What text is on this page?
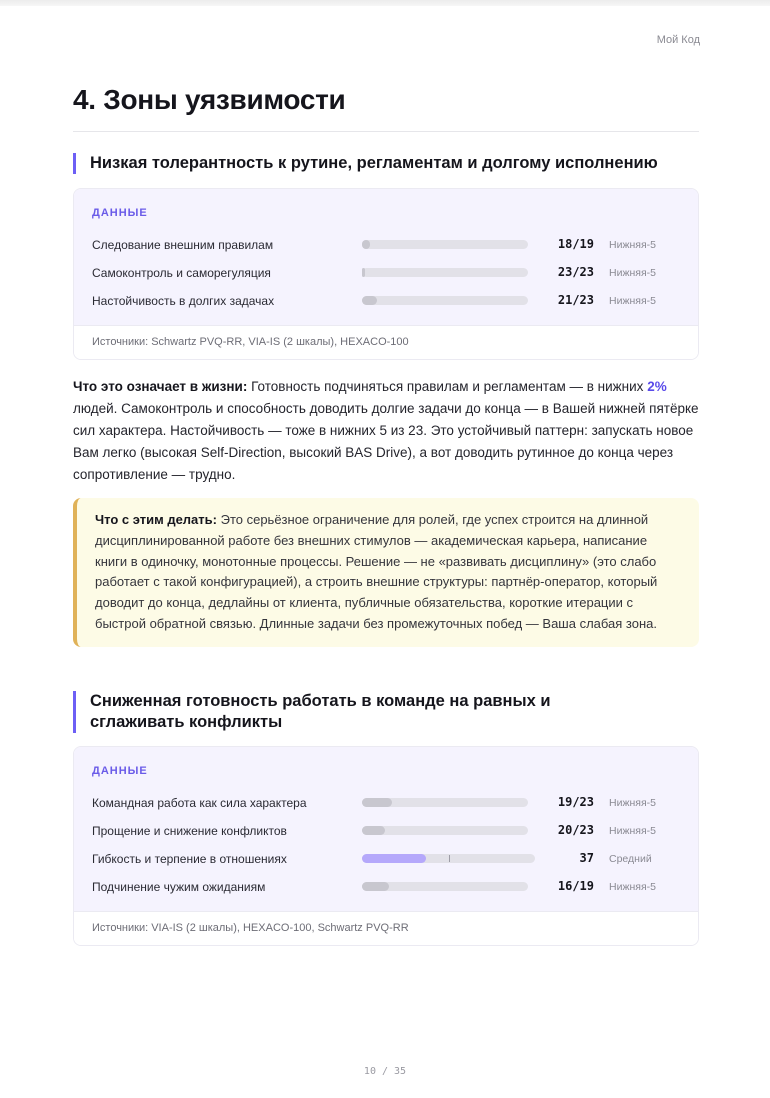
Мой Код
4. Зоны уязвимости
Низкая толерантность к рутине, регламентам и долгому исполнению
ДАННЫЕ
Следование внешним правилам	18/19 Нижняя-5
Самоконтроль и саморегуляция	23/23 Нижняя-5
Настойчивость в долгих задачах	21/23 Нижняя-5
Источники: Schwartz PVQ-RR, VIA-IS (2 шкалы), HEXACO-100
Что это означает в жизни: Готовность подчиняться правилам и регламентам — в нижних 2% людей. Самоконтроль и способность доводить долгие задачи до конца — в Вашей нижней пятёрке сил характера. Настойчивость — тоже в нижних 5 из 23. Это устойчивый паттерн: запускать новое Вам легко (высокая Self-Direction, высокий BAS Drive), а вот доводить рутинное до конца через сопротивление — трудно.
Что с этим делать: Это серьёзное ограничение для ролей, где успех строится на длинной дисциплинированной работе без внешних стимулов — академическая карьера, написание книги в одиночку, монотонные процессы. Решение — не «развивать дисциплину» (это слабо работает с такой конфигурацией), а строить внешние структуры: партнёр-оператор, который доводит до конца, дедлайны от клиента, публичные обязательства, короткие итерации с быстрой обратной связью. Длинные задачи без промежуточных побед — Ваша слабая зона.
Сниженная готовность работать в команде на равных и сглаживать конфликты
ДАННЫЕ
Командная работа как сила характера	19/23 Нижняя-5
Прощение и снижение конфликтов	20/23 Нижняя-5
Гибкость и терпение в отношениях	37 Средний
Подчинение чужим ожиданиям	16/19 Нижняя-5
Источники: VIA-IS (2 шкалы), HEXACO-100, Schwartz PVQ-RR
10 / 35
